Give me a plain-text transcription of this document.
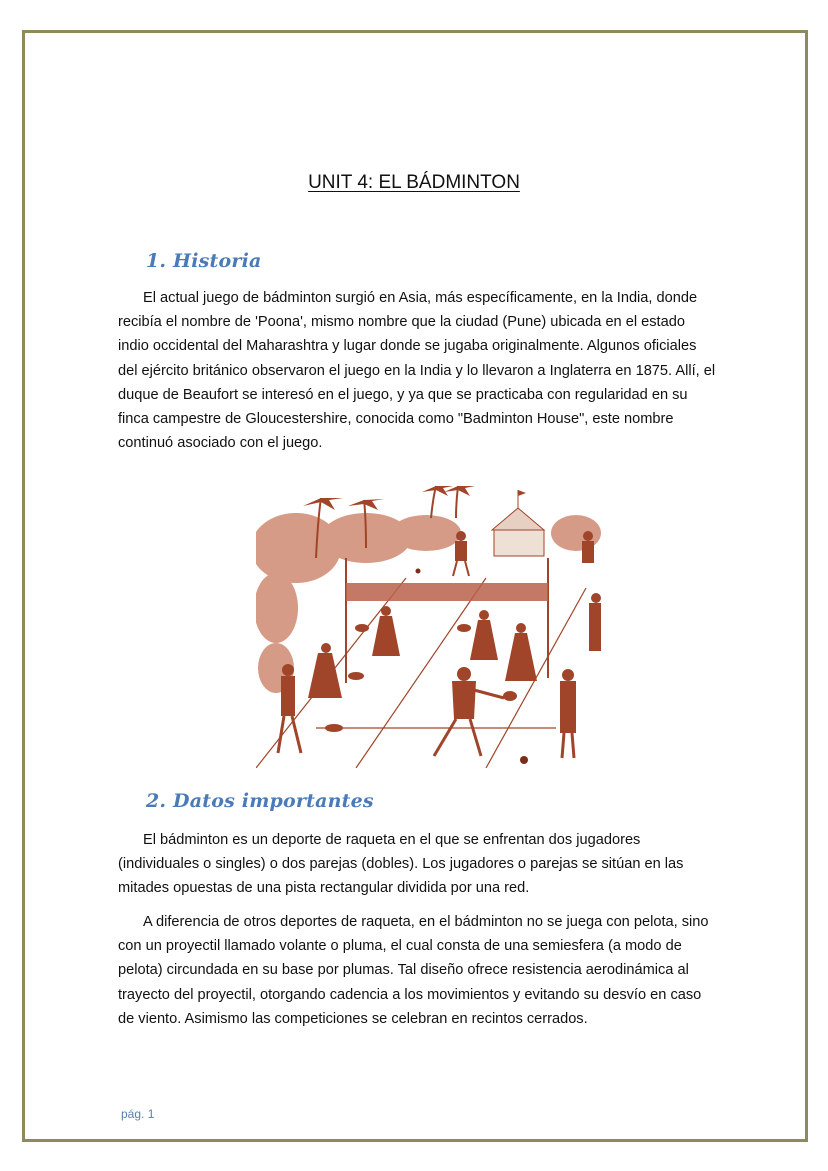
UNIT 4: EL BÁDMINTON
1. Historia

El actual juego de bádminton surgió en Asia, más específicamente, en la India, donde recibía el nombre de 'Poona', mismo nombre que la ciudad (Pune) ubicada en el estado indio occidental del Maharashtra y lugar donde se jugaba originalmente. Algunos oficiales del ejército británico observaron el juego en la India y lo llevaron a Inglaterra en 1875. Allí, el duque de Beaufort se interesó en el juego, y ya que se practicaba con regularidad en su finca campestre de Gloucestershire, conocida como "Badminton House", este nombre continuó asociado con el juego.

2. Datos importantes

El bádminton es un deporte de raqueta en el que se enfrentan dos jugadores (individuales o singles) o dos parejas (dobles). Los jugadores o parejas se sitúan en las mitades opuestas de una pista rectangular dividida por una red.

A diferencia de otros deportes de raqueta, en el bádminton no se juega con pelota, sino con un proyectil llamado volante o pluma, el cual consta de una semiesfera (a modo de pelota) circundada en su base por plumas. Tal diseño ofrece resistencia aerodinámica al trayecto del proyectil, otorgando cadencia a los movimientos y evitando su desvío en caso de viento. Asimismo las competiciones se celebran en recintos cerrados.

pág. 1
